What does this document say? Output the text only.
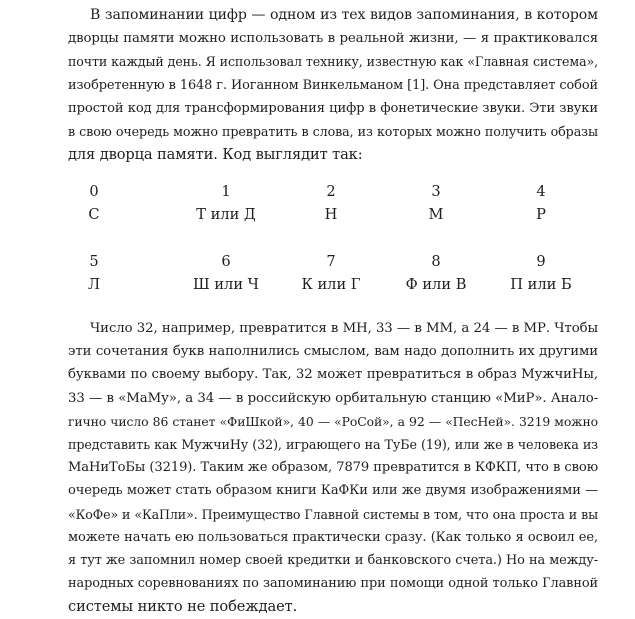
В запоминании цифр — одном из тех видов запоминания, в котором
дворцы памяти можно использовать в реальной жизни, — я практиковался
почти каждый день. Я использовал технику, известную как «Главная система»,
изобретенную в 1648 г. Иоганном Винкельманом [1]. Она представляет собой
простой код для трансформирования цифр в фонетические звуки. Эти звуки
в свою очередь можно превратить в слова, из которых можно получить образы
для дворца памяти. Код выглядит так:

0	1	2	3	4
С	Т или Д	Н	М	Р
5	6	7	8	9
Л	Ш или Ч	К или Г	Ф или В	П или Б

Число 32, например, превратится в МН, 33 — в ММ, а 24 — в МР. Чтобы
эти сочетания букв наполнились смыслом, вам надо дополнить их другими
буквами по своему выбору. Так, 32 может превратиться в образ МужчиНы,
33 — в «МаМу», а 34 — в российскую орбитальную станцию «МиР». Анало-
гично число 86 станет «ФиШкой», 40 — «РоСой», а 92 — «ПесНей». 3219 можно
представить как МужчиНу (32), играющего на ТуБе (19), или же в человека из
МаНиТоБы (3219). Таким же образом, 7879 превратится в КФКП, что в свою
очередь может стать образом книги КаФКи или же двумя изображениями —
«КоФе» и «КаПли». Преимущество Главной системы в том, что она проста и вы
можете начать ею пользоваться практически сразу. (Как только я освоил ее,
я тут же запомнил номер своей кредитки и банковского счета.) Но на между-
народных соревнованиях по запоминанию при помощи одной только Главной
системы никто не побеждает.
